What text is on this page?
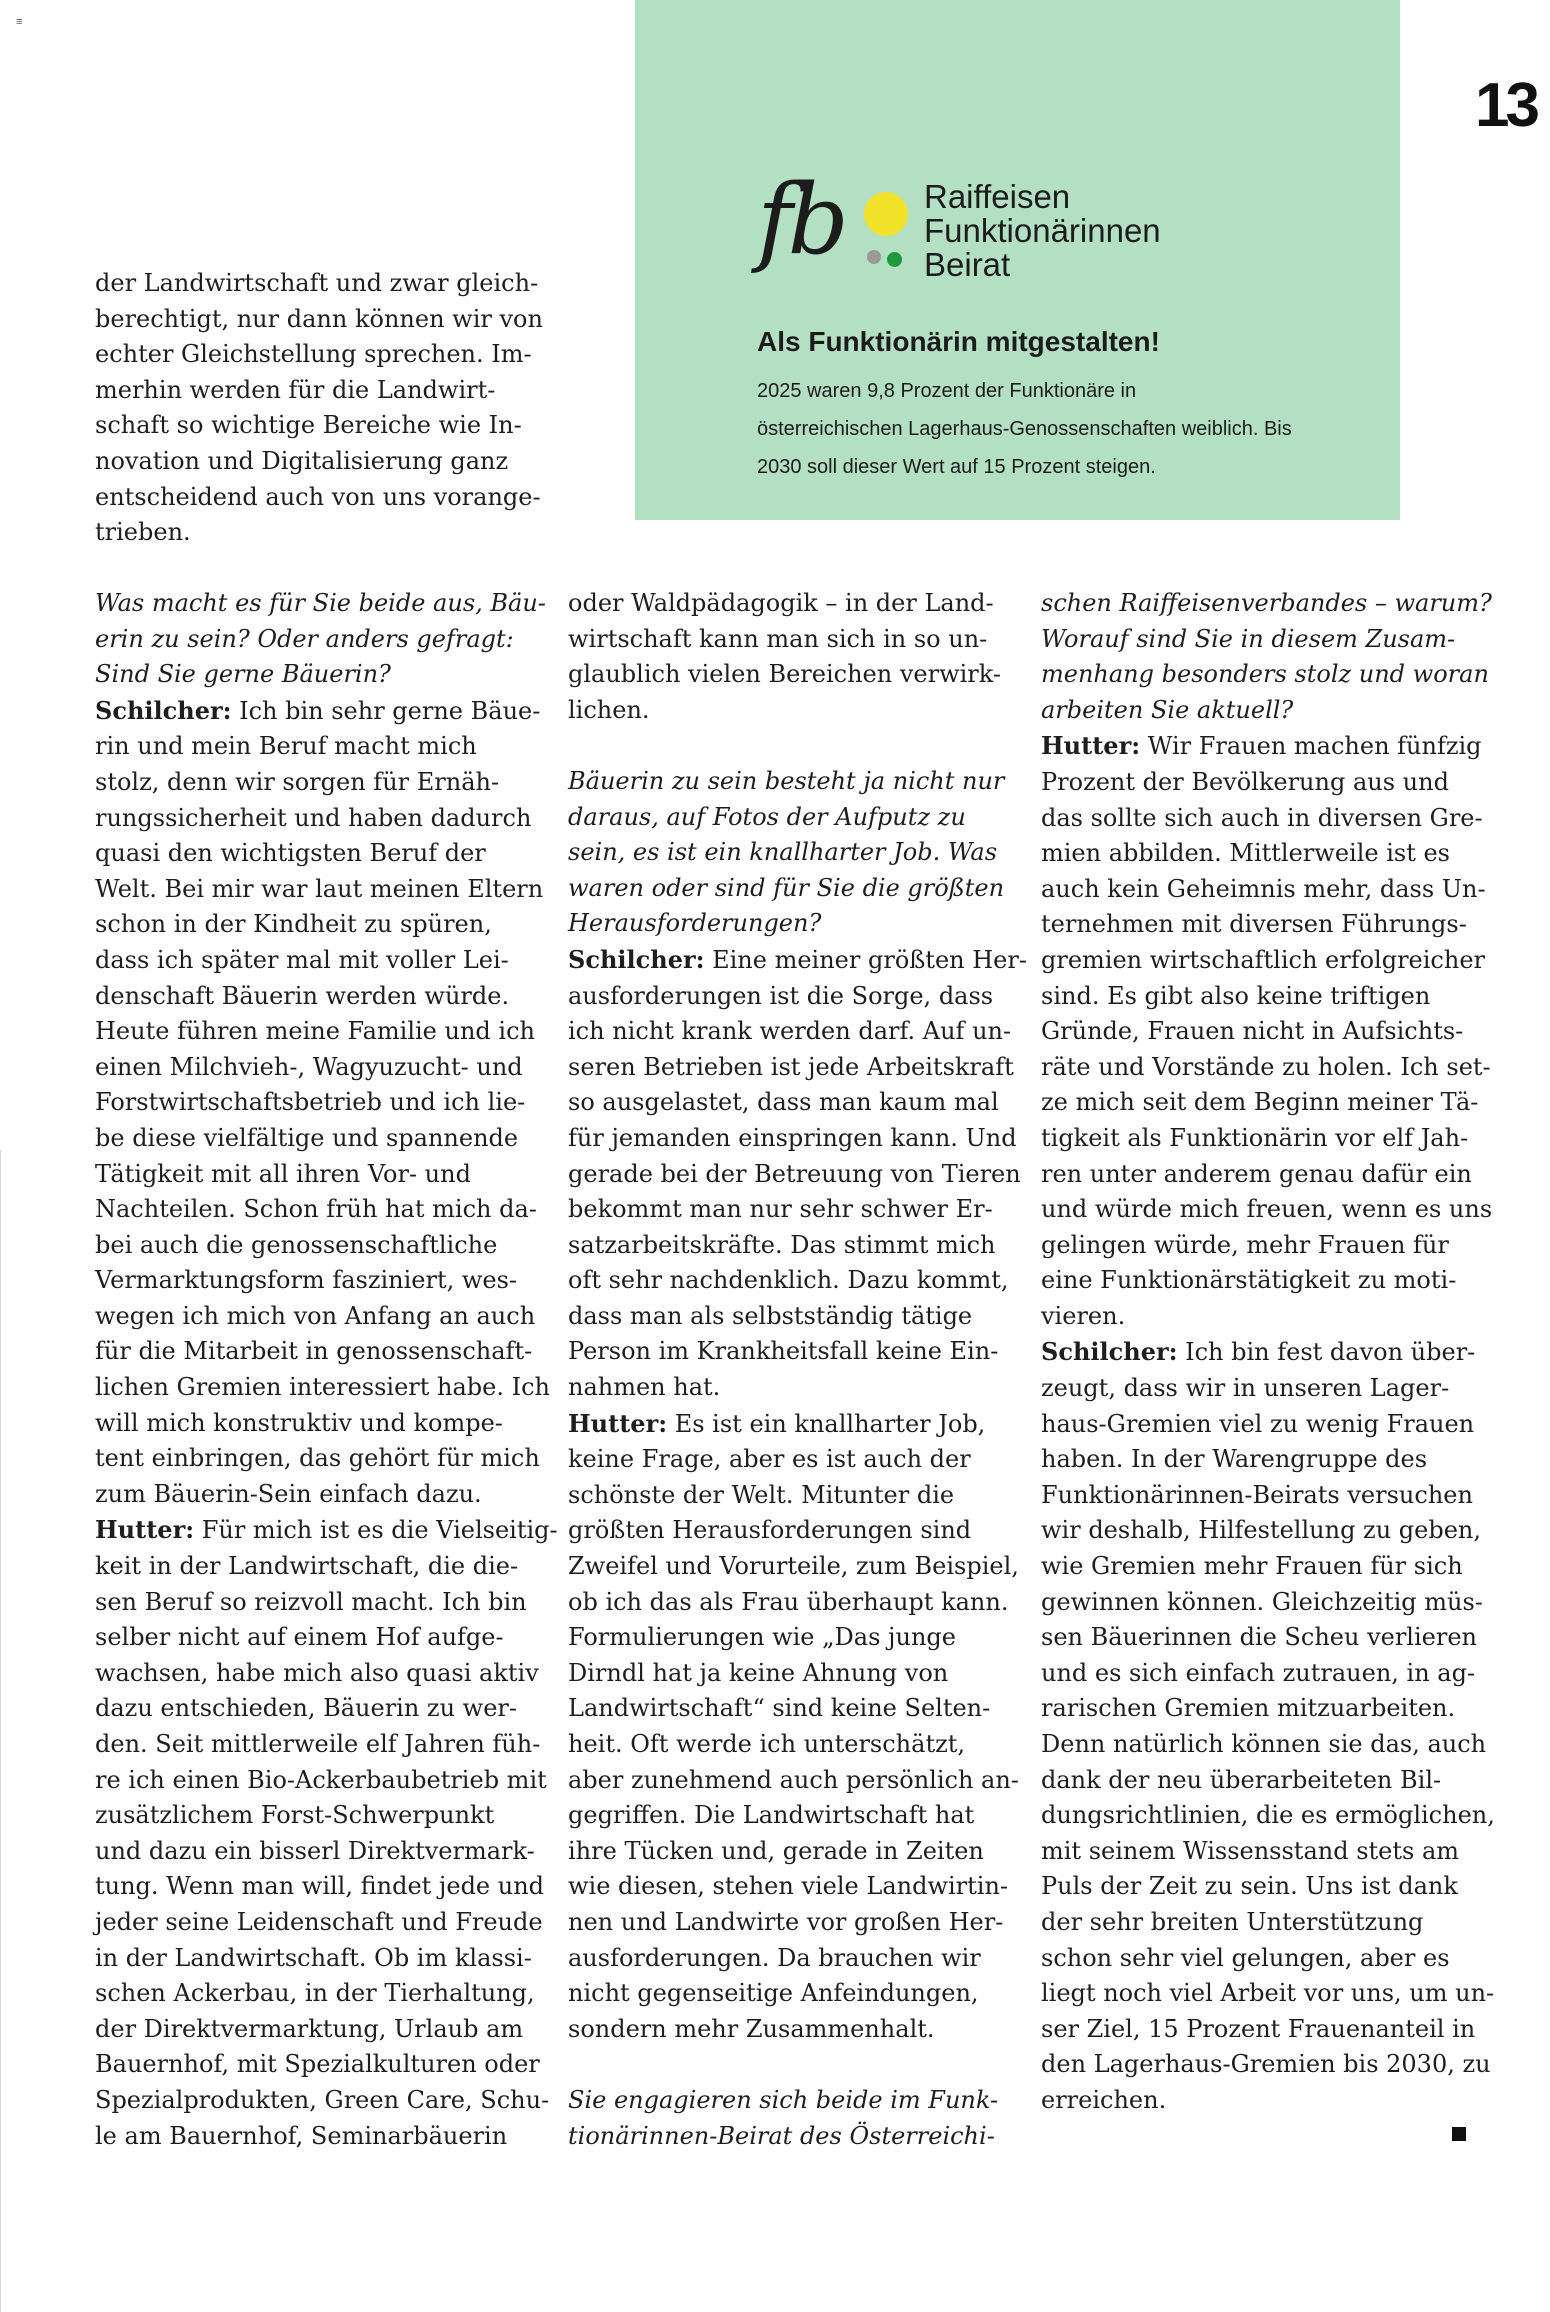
≡
13
fb Raiffeisen
Funktionärinnen
Beirat
Als Funktionärin mitgestalten!
2025 waren 9,8 Prozent der Funktionäre in
österreichischen Lagerhaus-Genossenschaften weiblich. Bis
2030 soll dieser Wert auf 15 Prozent steigen.
der Landwirtschaft und zwar gleich-
berechtigt, nur dann können wir von
echter Gleichstellung sprechen. Im-
merhin werden für die Landwirt-
schaft so wichtige Bereiche wie In-
novation und Digitalisierung ganz
entscheidend auch von uns vorange-
trieben.
Was macht es für Sie beide aus, Bäu-
erin zu sein? Oder anders gefragt:
Sind Sie gerne Bäuerin?
Schilcher: Ich bin sehr gerne Bäue-
rin und mein Beruf macht mich
stolz, denn wir sorgen für Ernäh-
rungssicherheit und haben dadurch
quasi den wichtigsten Beruf der
Welt. Bei mir war laut meinen Eltern
schon in der Kindheit zu spüren,
dass ich später mal mit voller Lei-
denschaft Bäuerin werden würde.
Heute führen meine Familie und ich
einen Milchvieh-, Wagyuzucht- und
Forstwirtschaftsbetrieb und ich lie-
be diese vielfältige und spannende
Tätigkeit mit all ihren Vor- und
Nachteilen. Schon früh hat mich da-
bei auch die genossenschaftliche
Vermarktungsform fasziniert, wes-
wegen ich mich von Anfang an auch
für die Mitarbeit in genossenschaft-
lichen Gremien interessiert habe. Ich
will mich konstruktiv und kompe-
tent einbringen, das gehört für mich
zum Bäuerin-Sein einfach dazu.
Hutter: Für mich ist es die Vielseitig-
keit in der Landwirtschaft, die die-
sen Beruf so reizvoll macht. Ich bin
selber nicht auf einem Hof aufge-
wachsen, habe mich also quasi aktiv
dazu entschieden, Bäuerin zu wer-
den. Seit mittlerweile elf Jahren füh-
re ich einen Bio-Ackerbaubetrieb mit
zusätzlichem Forst-Schwerpunkt
und dazu ein bisserl Direktvermark-
tung. Wenn man will, findet jede und
jeder seine Leidenschaft und Freude
in der Landwirtschaft. Ob im klassi-
schen Ackerbau, in der Tierhaltung,
der Direktvermarktung, Urlaub am
Bauernhof, mit Spezialkulturen oder
Spezialprodukten, Green Care, Schu-
le am Bauernhof, Seminarbäuerin
oder Waldpädagogik – in der Land-
wirtschaft kann man sich in so un-
glaublich vielen Bereichen verwirk-
lichen.
Bäuerin zu sein besteht ja nicht nur
daraus, auf Fotos der Aufputz zu
sein, es ist ein knallharter Job. Was
waren oder sind für Sie die größten
Herausforderungen?
Schilcher: Eine meiner größten Her-
ausforderungen ist die Sorge, dass
ich nicht krank werden darf. Auf un-
seren Betrieben ist jede Arbeitskraft
so ausgelastet, dass man kaum mal
für jemanden einspringen kann. Und
gerade bei der Betreuung von Tieren
bekommt man nur sehr schwer Er-
satzarbeitskräfte. Das stimmt mich
oft sehr nachdenklich. Dazu kommt,
dass man als selbstständig tätige
Person im Krankheitsfall keine Ein-
nahmen hat.
Hutter: Es ist ein knallharter Job,
keine Frage, aber es ist auch der
schönste der Welt. Mitunter die
größten Herausforderungen sind
Zweifel und Vorurteile, zum Beispiel,
ob ich das als Frau überhaupt kann.
Formulierungen wie „Das junge
Dirndl hat ja keine Ahnung von
Landwirtschaft“ sind keine Selten-
heit. Oft werde ich unterschätzt,
aber zunehmend auch persönlich an-
gegriffen. Die Landwirtschaft hat
ihre Tücken und, gerade in Zeiten
wie diesen, stehen viele Landwirtin-
nen und Landwirte vor großen Her-
ausforderungen. Da brauchen wir
nicht gegenseitige Anfeindungen,
sondern mehr Zusammenhalt.
Sie engagieren sich beide im Funk-
tionärinnen-Beirat des Österreichi-
schen Raiffeisenverbandes – warum?
Worauf sind Sie in diesem Zusam-
menhang besonders stolz und woran
arbeiten Sie aktuell?
Hutter: Wir Frauen machen fünfzig
Prozent der Bevölkerung aus und
das sollte sich auch in diversen Gre-
mien abbilden. Mittlerweile ist es
auch kein Geheimnis mehr, dass Un-
ternehmen mit diversen Führungs-
gremien wirtschaftlich erfolgreicher
sind. Es gibt also keine triftigen
Gründe, Frauen nicht in Aufsichts-
räte und Vorstände zu holen. Ich set-
ze mich seit dem Beginn meiner Tä-
tigkeit als Funktionärin vor elf Jah-
ren unter anderem genau dafür ein
und würde mich freuen, wenn es uns
gelingen würde, mehr Frauen für
eine Funktionärstätigkeit zu moti-
vieren.
Schilcher: Ich bin fest davon über-
zeugt, dass wir in unseren Lager-
haus-Gremien viel zu wenig Frauen
haben. In der Warengruppe des
Funktionärinnen-Beirats versuchen
wir deshalb, Hilfestellung zu geben,
wie Gremien mehr Frauen für sich
gewinnen können. Gleichzeitig müs-
sen Bäuerinnen die Scheu verlieren
und es sich einfach zutrauen, in ag-
rarischen Gremien mitzuarbeiten.
Denn natürlich können sie das, auch
dank der neu überarbeiteten Bil-
dungsrichtlinien, die es ermöglichen,
mit seinem Wissensstand stets am
Puls der Zeit zu sein. Uns ist dank
der sehr breiten Unterstützung
schon sehr viel gelungen, aber es
liegt noch viel Arbeit vor uns, um un-
ser Ziel, 15 Prozent Frauenanteil in
den Lagerhaus-Gremien bis 2030, zu
erreichen.
